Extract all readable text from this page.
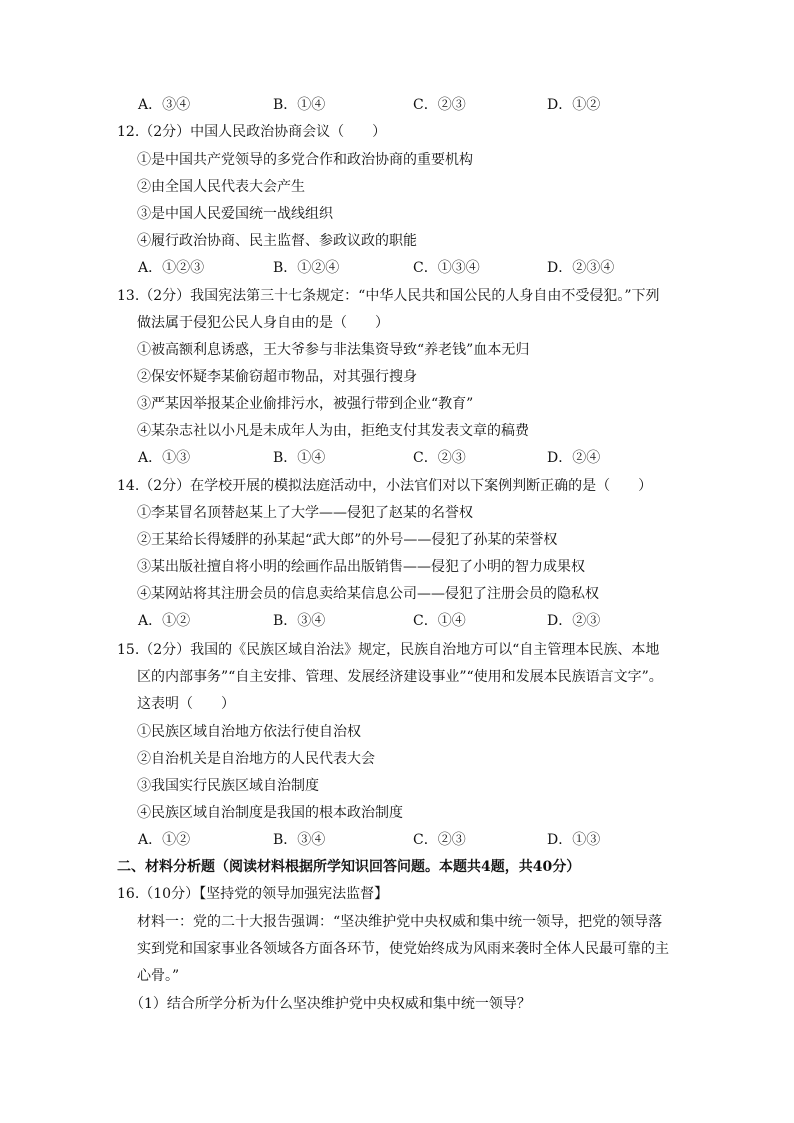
A．③④	B．①④	C．②③	D．①②
12.（2分）中国人民政治协商会议（　　）
①是中国共产党领导的多党合作和政治协商的重要机构
②由全国人民代表大会产生
③是中国人民爱国统一战线组织
④履行政治协商、民主监督、参政议政的职能
A．①②③	B．①②④	C．①③④	D．②③④
13.（2分）我国宪法第三十七条规定：“中华人民共和国公民的人身自由不受侵犯。”下列
做法属于侵犯公民人身自由的是（　　）
①被高额利息诱惑，王大爷参与非法集资导致“养老钱”血本无归
②保安怀疑李某偷窃超市物品，对其强行搜身
③严某因举报某企业偷排污水，被强行带到企业“教育”
④某杂志社以小凡是未成年人为由，拒绝支付其发表文章的稿费
A．①③	B．①④	C．②③	D．②④
14.（2分）在学校开展的模拟法庭活动中，小法官们对以下案例判断正确的是（　　）
①李某冒名顶替赵某上了大学——侵犯了赵某的名誉权
②王某给长得矮胖的孙某起“武大郎”的外号——侵犯了孙某的荣誉权
③某出版社擅自将小明的绘画作品出版销售——侵犯了小明的智力成果权
④某网站将其注册会员的信息卖给某信息公司——侵犯了注册会员的隐私权
A．①②	B．③④	C．①④	D．②③
15.（2分）我国的《民族区域自治法》规定，民族自治地方可以“自主管理本民族、本地
区的内部事务”“自主安排、管理、发展经济建设事业”“使用和发展本民族语言文字”。
这表明（　　）
①民族区域自治地方依法行使自治权
②自治机关是自治地方的人民代表大会
③我国实行民族区域自治制度
④民族区域自治制度是我国的根本政治制度
A．①②	B．③④	C．②③	D．①③
二、材料分析题（阅读材料根据所学知识回答问题。本题共4题，共40分）
16.（10分）【坚持党的领导加强宪法监督】
材料一：党的二十大报告强调：“坚决维护党中央权威和集中统一领导，把党的领导落
实到党和国家事业各领域各方面各环节，使党始终成为风雨来袭时全体人民最可靠的主
心骨。”
（1）结合所学分析为什么坚决维护党中央权威和集中统一领导？
